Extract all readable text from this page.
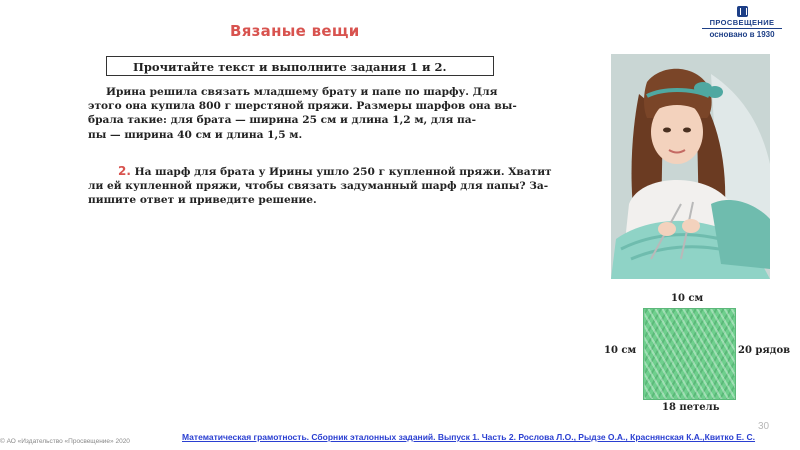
Вязаные вещи	ПРОСВЕЩЕНИЕ
основано в 1930
Прочитайте текст и выполните задания 1 и 2.
Ирина решила связать младшему брату и папе по шарфу. Для
этого она купила 800 г шерстяной пряжи. Размеры шарфов она вы-
брала такие: для брата — ширина 25 см и длина 1,2 м, для па-
пы — ширина 40 см и длина 1,5 м.
2. На шарф для брата у Ирины ушло 250 г купленной пряжи. Хватит
ли ей купленной пряжи, чтобы связать задуманный шарф для папы? За-
пишите ответ и приведите решение.
10 см
10 см	20 рядов
18 петель
30
Математическая грамотность. Сборник эталонных заданий. Выпуск 1. Часть 2. Рослова Л.О., Рыдзе О.А., Краснянская К.А.,Квитко Е. С.
© АО «Издательство «Просвещение» 2020
